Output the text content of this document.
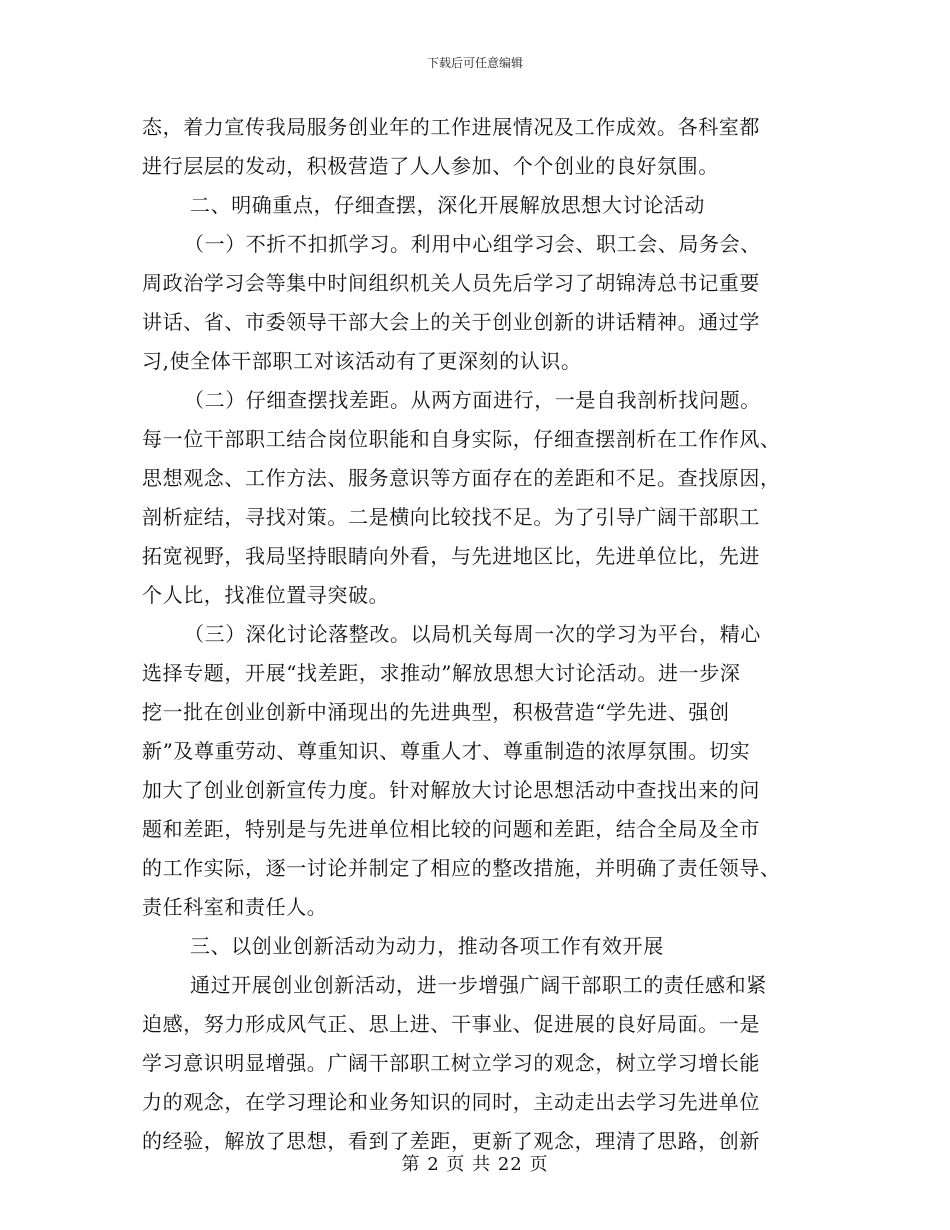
下载后可任意编辑
态，着力宣传我局服务创业年的工作进展情况及工作成效。各科室都
进行层层的发动，积极营造了人人参加、个个创业的良好氛围。
二、明确重点，仔细查摆，深化开展解放思想大讨论活动
（一）不折不扣抓学习。利用中心组学习会、职工会、局务会、
周政治学习会等集中时间组织机关人员先后学习了胡锦涛总书记重要
讲话、省、市委领导干部大会上的关于创业创新的讲话精神。通过学
习,使全体干部职工对该活动有了更深刻的认识。
（二）仔细查摆找差距。从两方面进行，一是自我剖析找问题。
每一位干部职工结合岗位职能和自身实际，仔细查摆剖析在工作作风、
思想观念、工作方法、服务意识等方面存在的差距和不足。查找原因，
剖析症结，寻找对策。二是横向比较找不足。为了引导广阔干部职工
拓宽视野，我局坚持眼睛向外看，与先进地区比，先进单位比，先进
个人比，找准位置寻突破。
（三）深化讨论落整改。以局机关每周一次的学习为平台，精心
选择专题，开展“找差距，求推动”解放思想大讨论活动。进一步深
挖一批在创业创新中涌现出的先进典型，积极营造“学先进、强创
新”及尊重劳动、尊重知识、尊重人才、尊重制造的浓厚氛围。切实
加大了创业创新宣传力度。针对解放大讨论思想活动中查找出来的问
题和差距，特别是与先进单位相比较的问题和差距，结合全局及全市
的工作实际，逐一讨论并制定了相应的整改措施，并明确了责任领导、
责任科室和责任人。
三、以创业创新活动为动力，推动各项工作有效开展
通过开展创业创新活动，进一步增强广阔干部职工的责任感和紧
迫感，努力形成风气正、思上进、干事业、促进展的良好局面。一是
学习意识明显增强。广阔干部职工树立学习的观念，树立学习增长能
力的观念，在学习理论和业务知识的同时，主动走出去学习先进单位
的经验，解放了思想，看到了差距，更新了观念，理清了思路，创新
第 2 页 共 22 页
